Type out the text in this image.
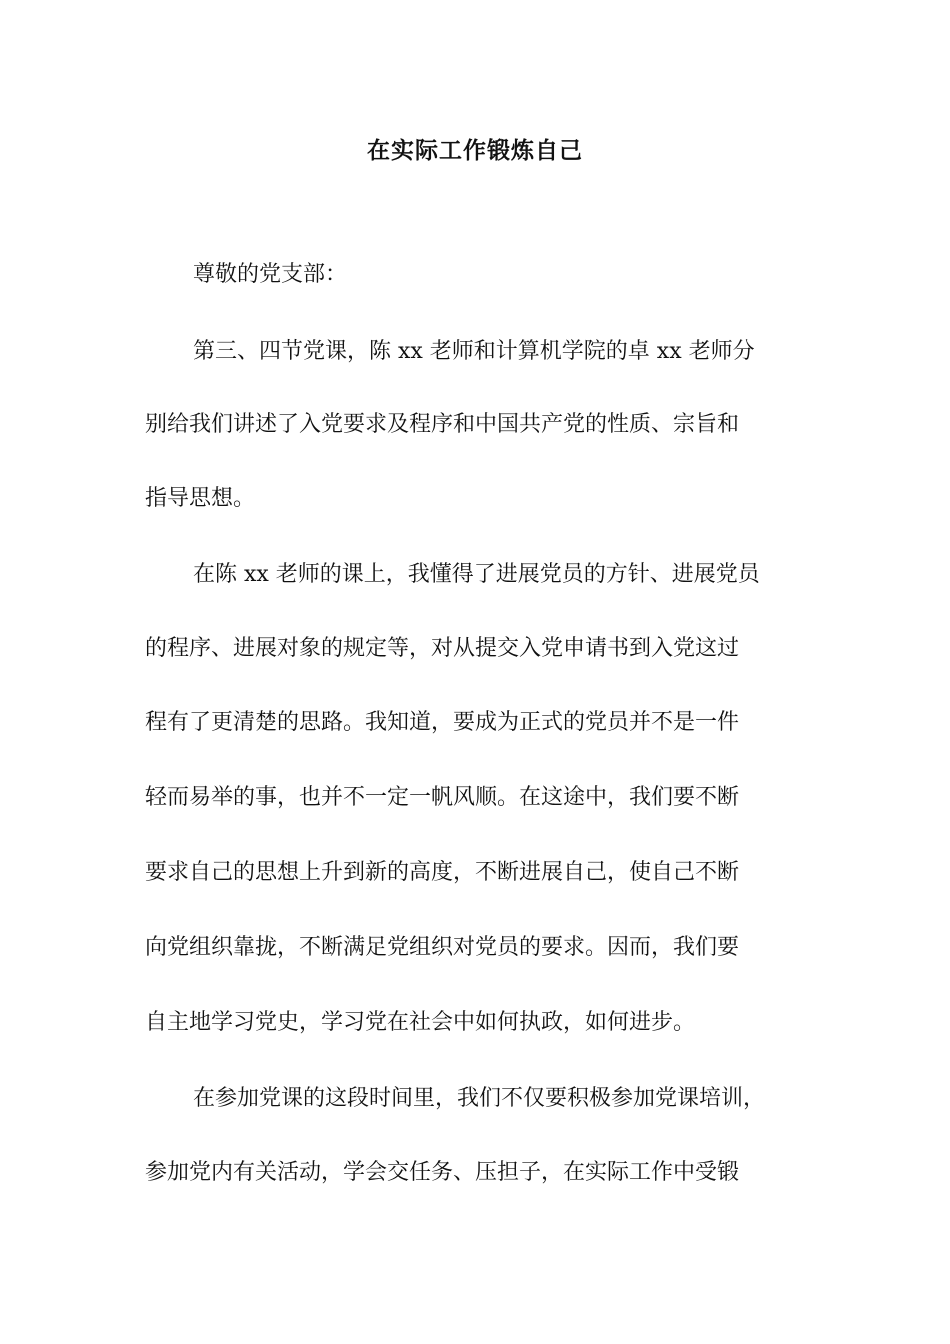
在实际工作锻炼自己

尊敬的党支部：

第三、四节党课，陈 xx 老师和计算机学院的卓 xx 老师分

别给我们讲述了入党要求及程序和中国共产党的性质、宗旨和

指导思想。

在陈 xx 老师的课上，我懂得了进展党员的方针、进展党员

的程序、进展对象的规定等，对从提交入党申请书到入党这过

程有了更清楚的思路。我知道，要成为正式的党员并不是一件

轻而易举的事，也并不一定一帆风顺。在这途中，我们要不断

要求自己的思想上升到新的高度，不断进展自己，使自己不断

向党组织靠拢，不断满足党组织对党员的要求。因而，我们要

自主地学习党史，学习党在社会中如何执政，如何进步。

在参加党课的这段时间里，我们不仅要积极参加党课培训，

参加党内有关活动，学会交任务、压担子，在实际工作中受锻
